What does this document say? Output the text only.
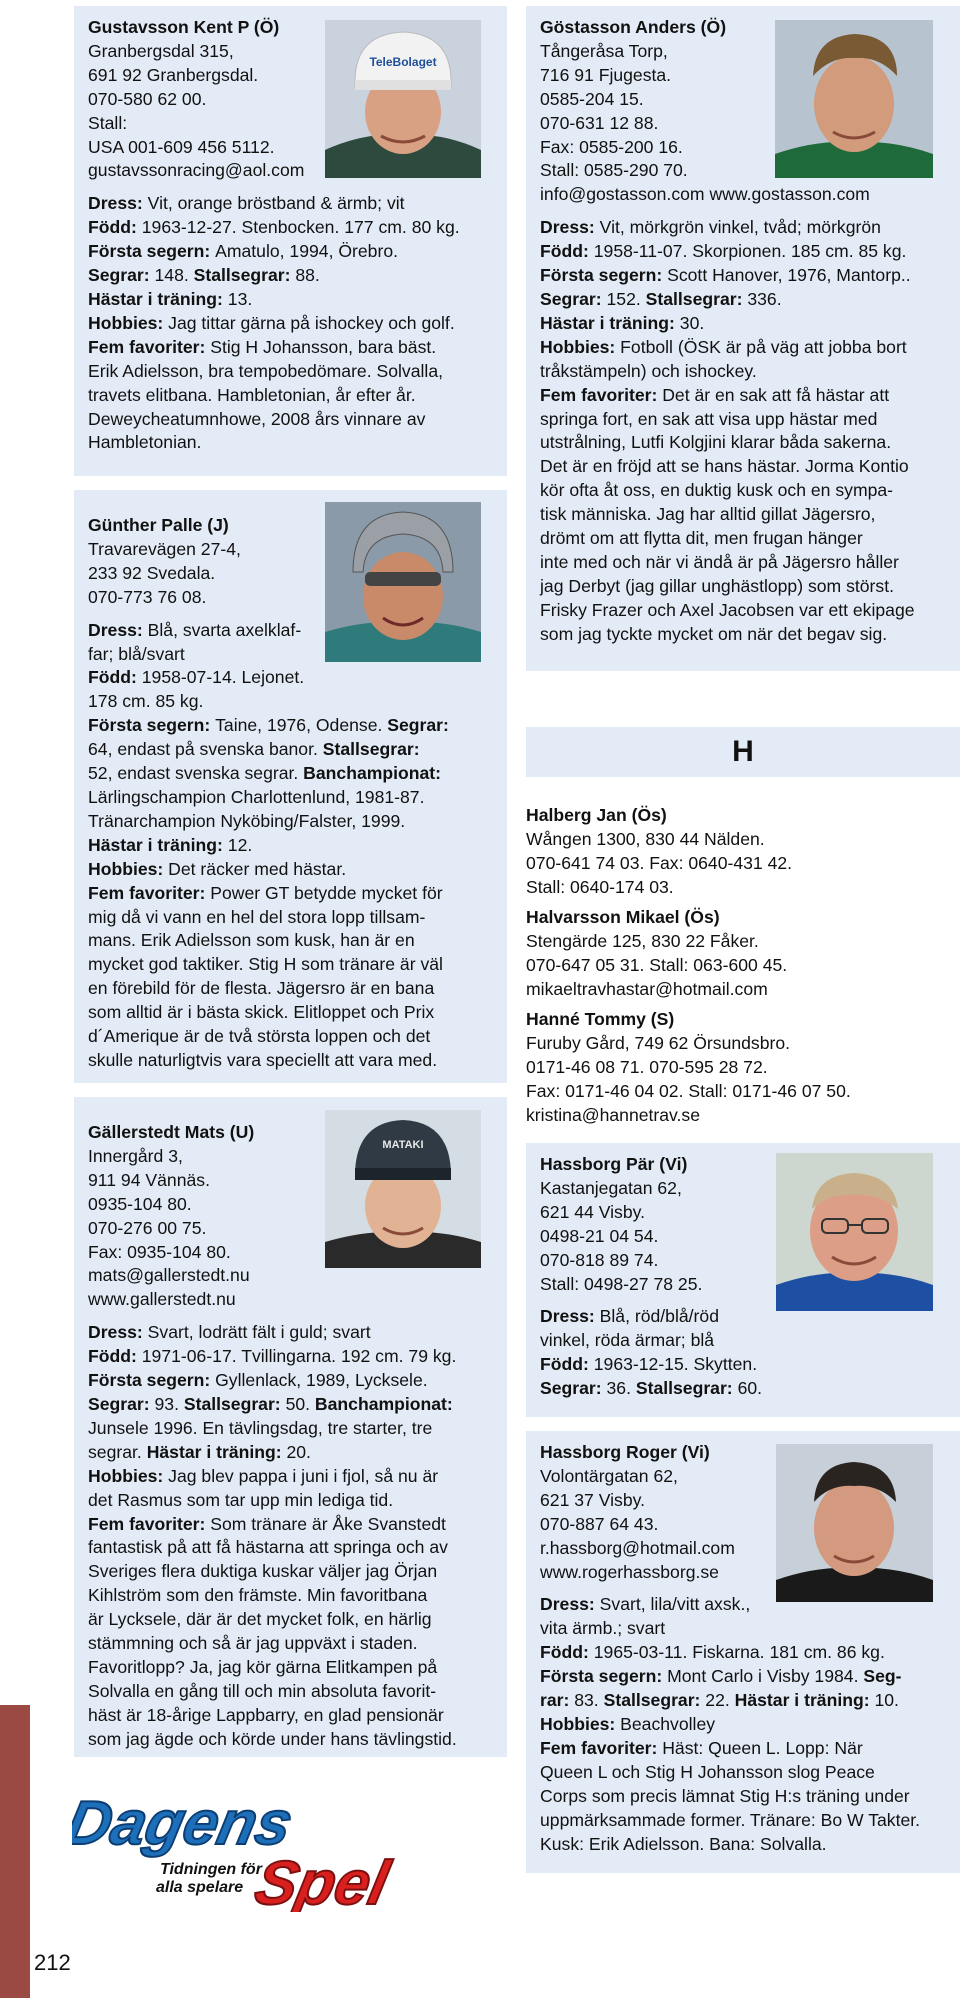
Gustavsson Kent P (Ö)
Granbergsdal 315,
691 92 Granbergsdal.
070-580 62 00.
Stall:
USA 001-609 456 5112.
gustavssonracing@aol.com
Dress: Vit, orange bröstband & ärmb; vit
Född: 1963-12-27. Stenbocken. 177 cm. 80 kg.
Första segern: Amatulo, 1994, Örebro.
Segrar: 148. Stallsegrar: 88.
Hästar i träning: 13.
Hobbies: Jag tittar gärna på ishockey och golf.
Fem favoriter: Stig H Johansson, bara bäst.
Erik Adielsson, bra tempobedömare. Solvalla,
travets elitbana. Hambletonian, år efter år.
Deweycheatumnhowe, 2008 års vinnare av
Hambletonian.
TeleBolaget
Günther Palle (J)
Travarevägen 27-4,
233 92 Svedala.
070-773 76 08.
Dress: Blå, svarta axelklaf-
far; blå/svart
Född: 1958-07-14. Lejonet.
178 cm. 85 kg.
Första segern: Taine, 1976, Odense. Segrar:
64, endast på svenska banor. Stallsegrar:
52, endast svenska segrar. Banchampionat:
Lärlingschampion Charlottenlund, 1981-87.
Tränarchampion Nyköbing/Falster, 1999.
Hästar i träning: 12.
Hobbies: Det räcker med hästar.
Fem favoriter: Power GT betydde mycket för
mig då vi vann en hel del stora lopp tillsam-
mans. Erik Adielsson som kusk, han är en
mycket god taktiker. Stig H som tränare är väl
en förebild för de flesta. Jägersro är en bana
som alltid är i bästa skick. Elitloppet och Prix
d´Amerique är de två största loppen och det
skulle naturligtvis vara speciellt att vara med.
Gällerstedt Mats (U)
Innergård 3,
911 94 Vännäs.
0935-104 80.
070-276 00 75.
Fax: 0935-104 80.
mats@gallerstedt.nu
www.gallerstedt.nu
Dress: Svart, lodrätt fält i guld; svart
Född: 1971-06-17. Tvillingarna. 192 cm. 79 kg.
Första segern: Gyllenlack, 1989, Lycksele.
Segrar: 93. Stallsegrar: 50. Banchampionat:
Junsele 1996. En tävlingsdag, tre starter, tre
segrar. Hästar i träning: 20.
Hobbies: Jag blev pappa i juni i fjol, så nu är
det Rasmus som tar upp min lediga tid.
Fem favoriter: Som tränare är Åke Svanstedt
fantastisk på att få hästarna att springa och av
Sveriges flera duktiga kuskar väljer jag Örjan
Kihlström som den främste. Min favoritbana
är Lycksele, där är det mycket folk, en härlig
stämmning och så är jag uppväxt i staden.
Favoritlopp? Ja, jag kör gärna Elitkampen på
Solvalla en gång till och min absoluta favorit-
häst är 18-årige Lappbarry, en glad pensionär
som jag ägde och körde under hans tävlingstid.
MATAKI
Dagens
Spel
Tidningen för
alla spelare
Göstasson Anders (Ö)
Tångeråsa Torp,
716 91 Fjugesta.
0585-204 15.
070-631 12 88.
Fax: 0585-200 16.
Stall: 0585-290 70.
info@gostasson.com www.gostasson.com
Dress: Vit, mörkgrön vinkel, tvåd; mörkgrön
Född: 1958-11-07. Skorpionen. 185 cm. 85 kg.
Första segern: Scott Hanover, 1976, Mantorp..
Segrar: 152. Stallsegrar: 336.
Hästar i träning: 30.
Hobbies: Fotboll (ÖSK är på väg att jobba bort
tråkstämpeln) och ishockey.
Fem favoriter: Det är en sak att få hästar att
springa fort, en sak att visa upp hästar med
utstrålning, Lutfi Kolgjini klarar båda sakerna.
Det är en fröjd att se hans hästar. Jorma Kontio
kör ofta åt oss, en duktig kusk och en sympa-
tisk människa. Jag har alltid gillat Jägersro,
drömt om att flytta dit, men frugan hänger
inte med och när vi ändå är på Jägersro håller
jag Derbyt (jag gillar unghästlopp) som störst.
Frisky Frazer och Axel Jacobsen var ett ekipage
som jag tyckte mycket om när det begav sig.
H
Halberg Jan (Ös)
Wången 1300, 830 44 Nälden.
070-641 74 03. Fax: 0640-431 42.
Stall: 0640-174 03.
Halvarsson Mikael (Ös)
Stengärde 125, 830 22 Fåker.
070-647 05 31. Stall: 063-600 45.
mikaeltravhastar@hotmail.com
Hanné Tommy (S)
Furuby Gård, 749 62 Örsundsbro.
0171-46 08 71. 070-595 28 72.
Fax: 0171-46 04 02. Stall: 0171-46 07 50.
kristina@hannetrav.se
Hassborg Pär (Vi)
Kastanjegatan 62,
621 44 Visby.
0498-21 04 54.
070-818 89 74.
Stall: 0498-27 78 25.
Dress: Blå, röd/blå/röd
vinkel, röda ärmar; blå
Född: 1963-12-15. Skytten.
Segrar: 36. Stallsegrar: 60.
Hassborg Roger (Vi)
Volontärgatan 62,
621 37 Visby.
070-887 64 43.
r.hassborg@hotmail.com
www.rogerhassborg.se
Dress: Svart, lila/vitt axsk.,
vita ärmb.; svart
Född: 1965-03-11. Fiskarna. 181 cm. 86 kg.
Första segern: Mont Carlo i Visby 1984. Seg-
rar: 83. Stallsegrar: 22. Hästar i träning: 10.
Hobbies: Beachvolley
Fem favoriter: Häst: Queen L. Lopp: När
Queen L och Stig H Johansson slog Peace
Corps som precis lämnat Stig H:s träning under
uppmärksammade former. Tränare: Bo W Takter.
Kusk: Erik Adielsson. Bana: Solvalla.
212
